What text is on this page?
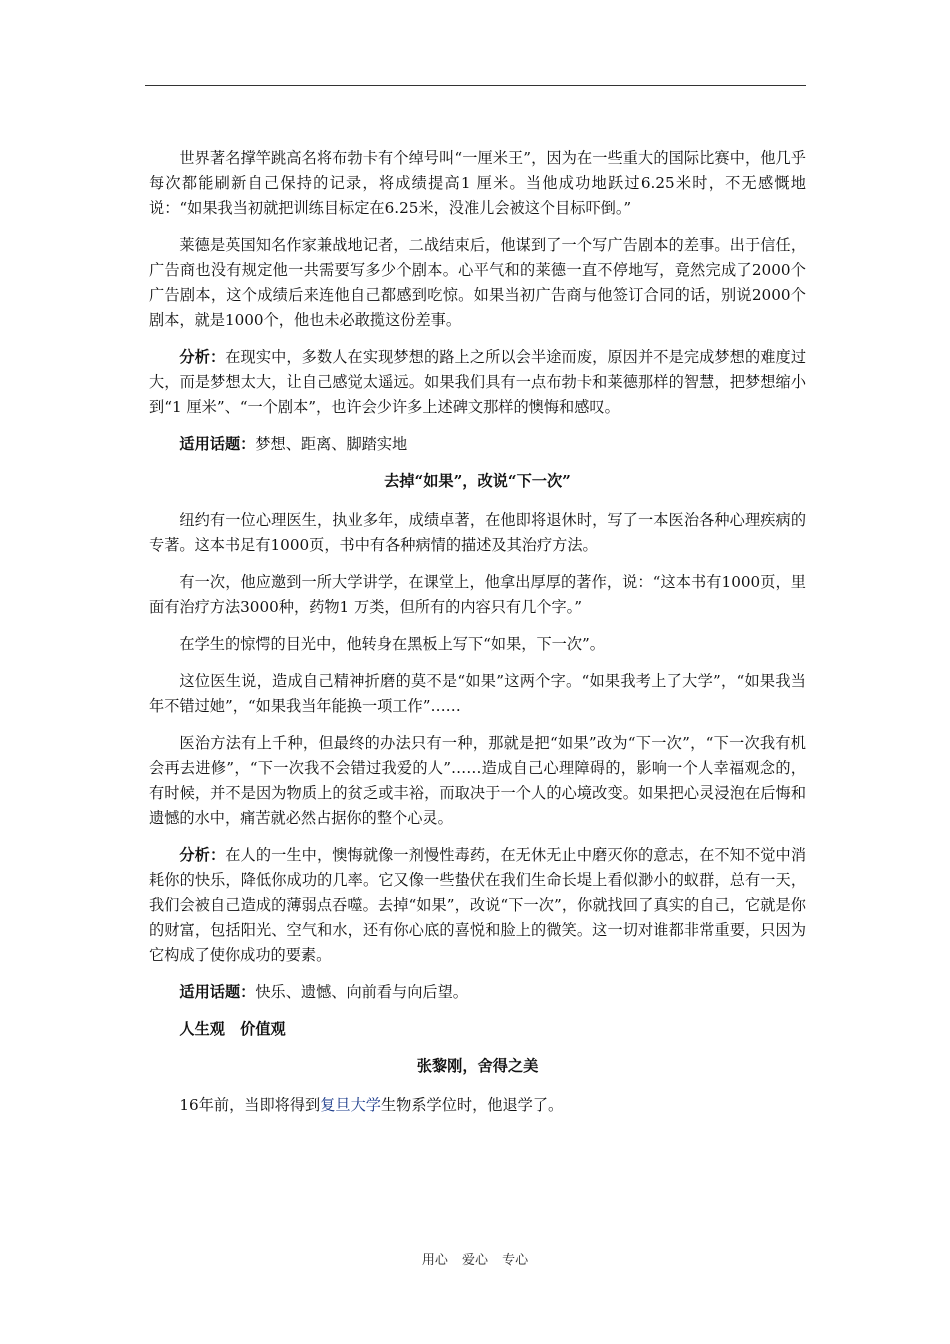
世界著名撑竿跳高名将布勃卡有个绰号叫“一厘米王”，因为在一些重大的国际比赛中，他几乎每次都能刷新自己保持的记录，将成绩提高1 厘米。当他成功地跃过6.25米时，不无感慨地说：“如果我当初就把训练目标定在6.25米，没准儿会被这个目标吓倒。”

莱德是英国知名作家兼战地记者，二战结束后，他谋到了一个写广告剧本的差事。出于信任，广告商也没有规定他一共需要写多少个剧本。心平气和的莱德一直不停地写，竟然完成了2000个广告剧本，这个成绩后来连他自己都感到吃惊。如果当初广告商与他签订合同的话，别说2000个剧本，就是1000个，他也未必敢揽这份差事。

分析：在现实中，多数人在实现梦想的路上之所以会半途而废，原因并不是完成梦想的难度过大，而是梦想太大，让自己感觉太遥远。如果我们具有一点布勃卡和莱德那样的智慧，把梦想缩小到“1 厘米”、“一个剧本”，也许会少许多上述碑文那样的懊悔和感叹。

适用话题：梦想、距离、脚踏实地

去掉“如果”，改说“下一次”

纽约有一位心理医生，执业多年，成绩卓著，在他即将退休时，写了一本医治各种心理疾病的专著。这本书足有1000页，书中有各种病情的描述及其治疗方法。

有一次，他应邀到一所大学讲学，在课堂上，他拿出厚厚的著作，说：“这本书有1000页，里面有治疗方法3000种，药物1 万类，但所有的内容只有几个字。”

在学生的惊愕的目光中，他转身在黑板上写下“如果，下一次”。

这位医生说，造成自己精神折磨的莫不是“如果”这两个字。“如果我考上了大学”，“如果我当年不错过她”，“如果我当年能换一项工作”……

医治方法有上千种，但最终的办法只有一种，那就是把“如果”改为“下一次”，“下一次我有机会再去进修”，“下一次我不会错过我爱的人”……造成自己心理障碍的，影响一个人幸福观念的，有时候，并不是因为物质上的贫乏或丰裕，而取决于一个人的心境改变。如果把心灵浸泡在后悔和遗憾的水中，痛苦就必然占据你的整个心灵。

分析：在人的一生中，懊悔就像一剂慢性毒药，在无休无止中磨灭你的意志，在不知不觉中消耗你的快乐，降低你成功的几率。它又像一些蛰伏在我们生命长堤上看似渺小的蚁群，总有一天，我们会被自己造成的薄弱点吞噬。去掉“如果”，改说“下一次”，你就找回了真实的自己，它就是你的财富，包括阳光、空气和水，还有你心底的喜悦和脸上的微笑。这一切对谁都非常重要，只因为它构成了使你成功的要素。

适用话题：快乐、遗憾、向前看与向后望。

人生观　价值观

张黎刚，舍得之美

16年前，当即将得到复旦大学生物系学位时，他退学了。

用心 爱心 专心
